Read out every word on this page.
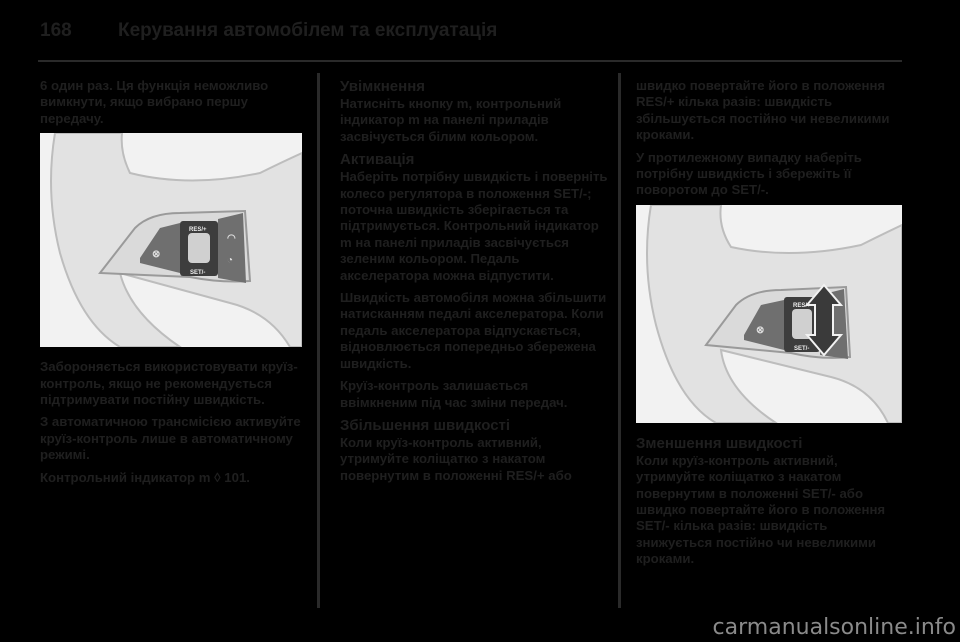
168 Керування автомобілем та експлуатація

6 один раз. Ця функція неможливо вимкнути, якщо вибрано першу передачу.

RES/+
SET/-
⊗
◠
◔

Забороняється використовувати круїз-контроль, якщо не рекомендується підтримувати постійну швидкість.

З автоматичною трансмісією активуйте круїз-контроль лише в автоматичному режимі.

Контрольний індикатор m ◊ 101.

Увімкнення

Натисніть кнопку m, контрольний індикатор m на панелі приладів засвічується білим кольором.

Активація

Наберіть потрібну швидкість і поверніть колесо регулятора в положення SET/-; поточна швидкість зберігається та підтримується. Контрольний індикатор m на панелі приладів засвічується зеленим кольором. Педаль акселератора можна відпустити.

Швидкість автомобіля можна збільшити натисканням педалі акселератора. Коли педаль акселератора відпускається, відновлюється попередньо збережена швидкість.

Круїз-контроль залишається ввімкненим під час зміни передач.

Збільшення швидкості

Коли круїз-контроль активний, утримуйте коліщатко з накатом повернутим в положенні RES/+ або

швидко повертайте його в положення RES/+ кілька разів: швидкість збільшується постійно чи невеликими кроками.

У протилежному випадку наберіть потрібну швидкість і збережіть її поворотом до SET/-.

RES/+
SET/-
⊗
Зменшення швидкості

Коли круїз-контроль активний, утримуйте коліщатко з накатом повернутим в положенні SET/- або швидко повертайте його в положення SET/- кілька разів: швидкість знижується постійно чи невеликими кроками.

carmanualsonline.info
